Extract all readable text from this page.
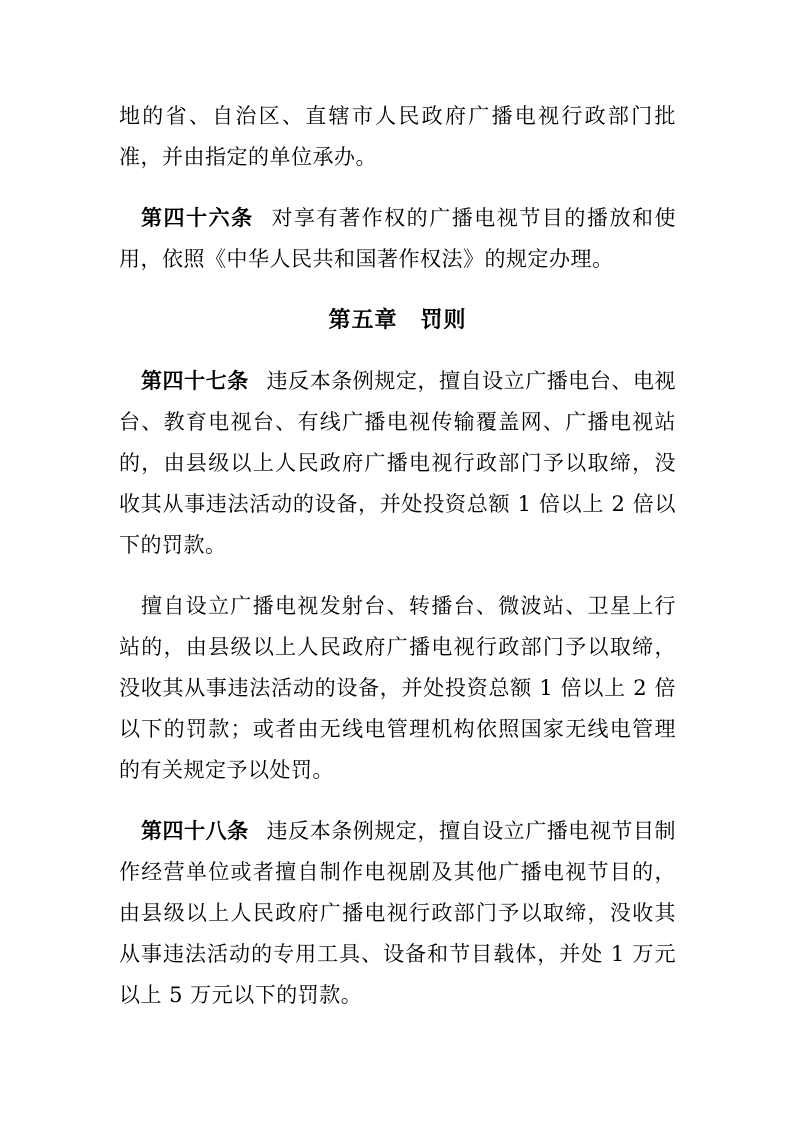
地的省、自治区、直辖市人民政府广播电视行政部门批准，并由指定的单位承办。

第四十六条 对享有著作权的广播电视节目的播放和使用，依照《中华人民共和国著作权法》的规定办理。

第五章　罚则

第四十七条 违反本条例规定，擅自设立广播电台、电视台、教育电视台、有线广播电视传输覆盖网、广播电视站的，由县级以上人民政府广播电视行政部门予以取缔，没收其从事违法活动的设备，并处投资总额 1 倍以上 2 倍以下的罚款。

擅自设立广播电视发射台、转播台、微波站、卫星上行站的，由县级以上人民政府广播电视行政部门予以取缔，没收其从事违法活动的设备，并处投资总额 1 倍以上 2 倍以下的罚款；或者由无线电管理机构依照国家无线电管理的有关规定予以处罚。

第四十八条 违反本条例规定，擅自设立广播电视节目制作经营单位或者擅自制作电视剧及其他广播电视节目的，由县级以上人民政府广播电视行政部门予以取缔，没收其从事违法活动的专用工具、设备和节目载体，并处 1 万元以上 5 万元以下的罚款。
